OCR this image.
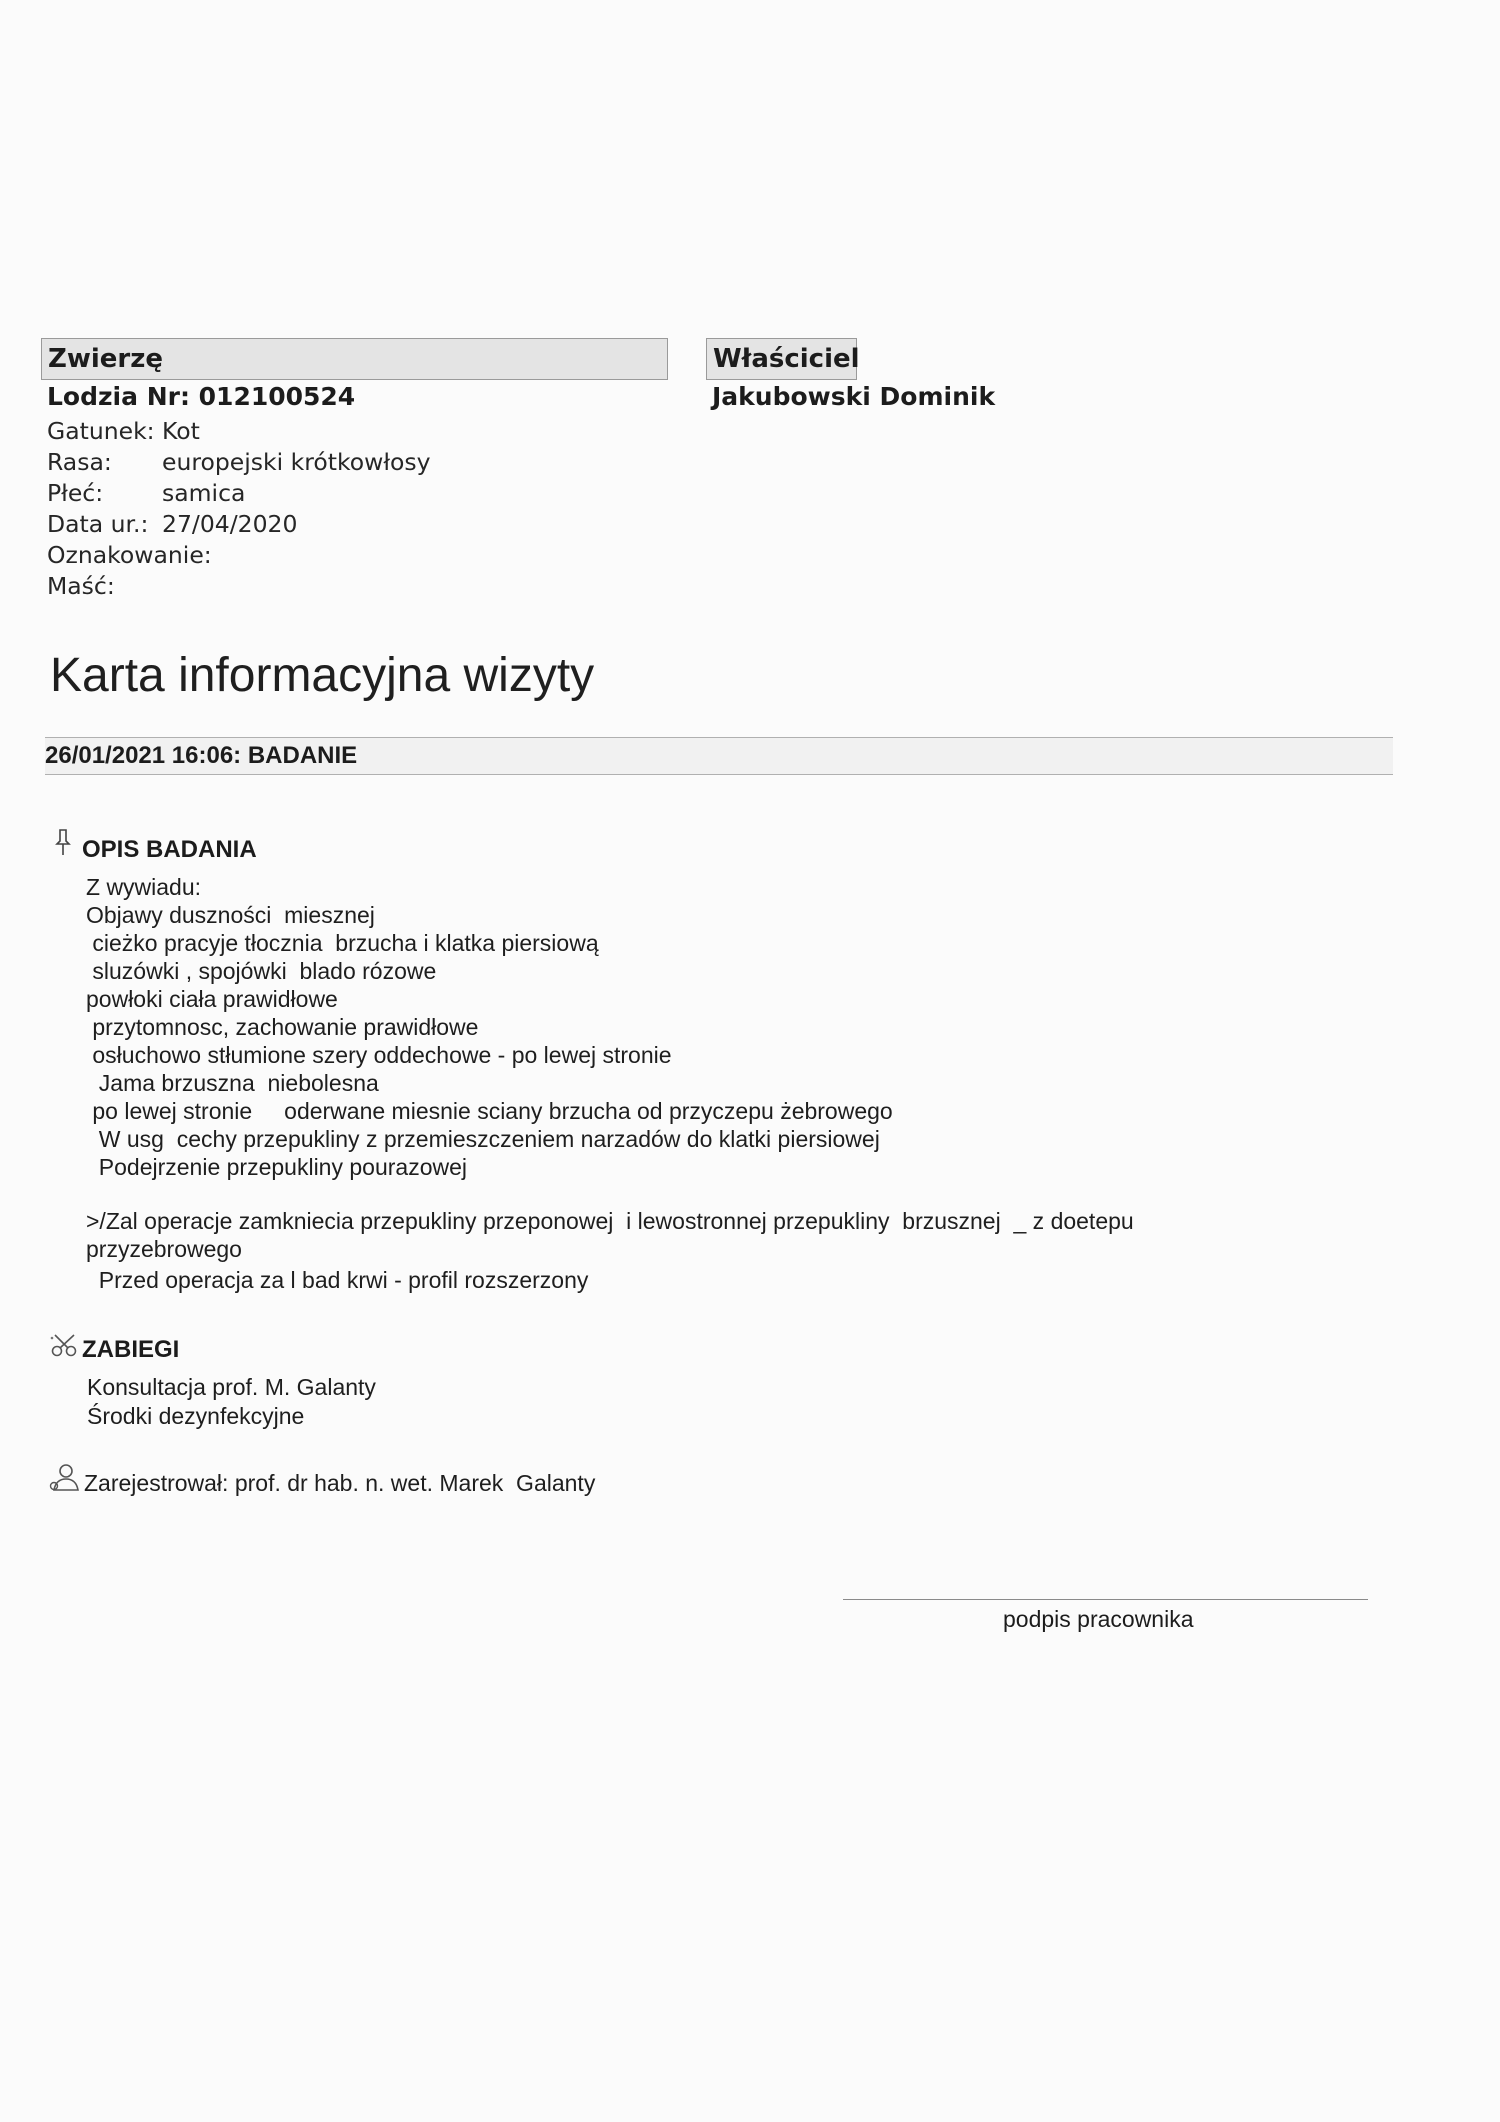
Zwierzę
Lodzia Nr: 012100524
Gatunek: Kot
Rasa: europejski krótkowłosy
Płeć:	samica
Data ur.: 27/04/2020
Oznakowanie:
Maść:
Właściciel
Jakubowski Dominik
Karta informacyjna wizyty
26/01/2021 16:06: BADANIE
OPIS BADANIA
Z wywiadu:
Objawy duszności  miesznej
cieżko pracyje tłocznia  brzucha i klatka piersiową
sluzówki , spojówki  blado rózowe
powłoki ciała prawidłowe
przytomnosc, zachowanie prawidłowe
osłuchowo stłumione szery oddechowe - po lewej stronie
Jama brzuszna  niebolesna
po lewej stronie     oderwane miesnie sciany brzucha od przyczepu żebrowego
W usg  cechy przepukliny z przemieszczeniem narzadów do klatki piersiowej
Podejrzenie przepukliny pourazowej
>/Zal operacje zamkniecia przepukliny przeponowej  i lewostronnej przepukliny  brzusznej  _ z doetepu
przyzebrowego
Przed operacja za l bad krwi - profil rozszerzony
ZABIEGI
Konsultacja prof. M. Galanty
Środki dezynfekcyjne
Zarejestrował: prof. dr hab. n. wet. Marek  Galanty
podpis pracownika
